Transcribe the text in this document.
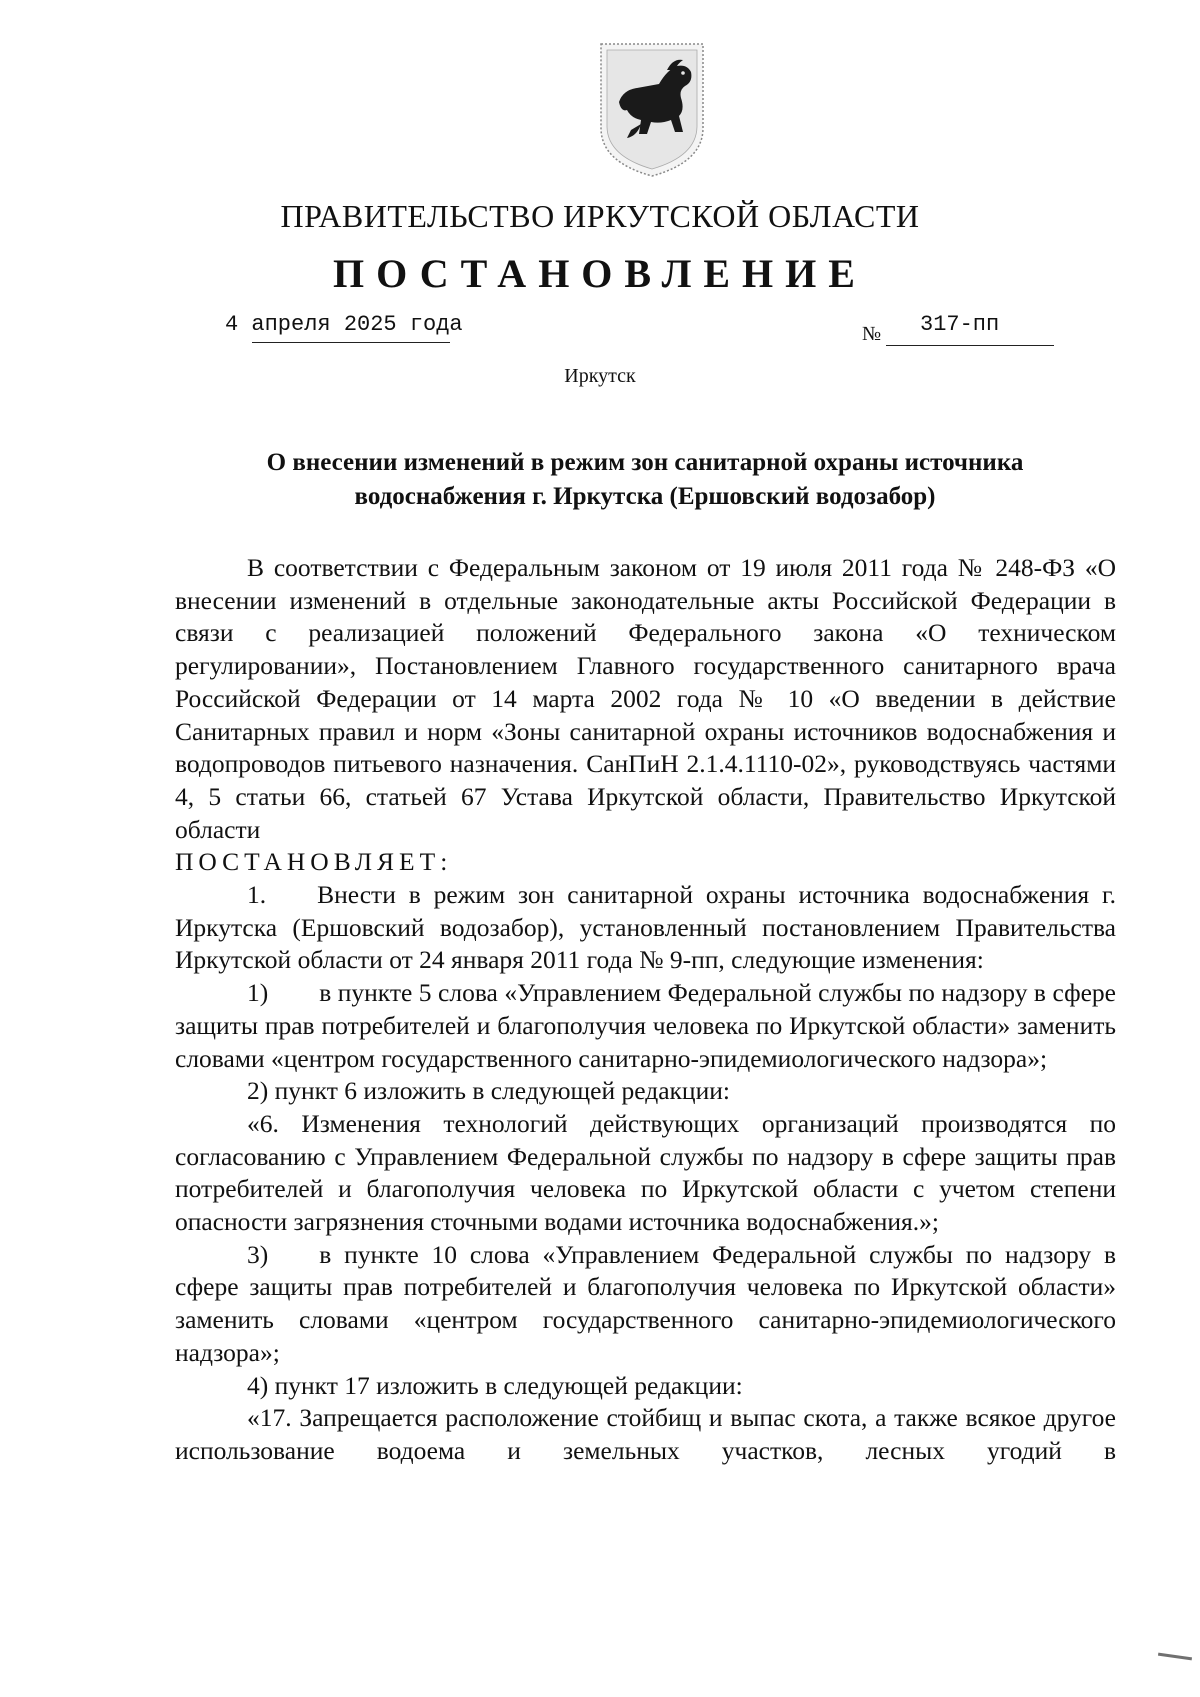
ПРАВИТЕЛЬСТВО ИРКУТСКОЙ ОБЛАСТИ
ПОСТАНОВЛЕНИЕ
4 апреля 2025 года	№ 317-пп
Иркутск
О внесении изменений в режим зон санитарной охраны источника
водоснабжения г. Иркутска (Ершовский водозабор)

В соответствии с Федеральным законом от 19 июля 2011 года № 248-ФЗ «О внесении изменений в отдельные законодательные акты Российской Федерации в связи с реализацией положений Федерального закона «О техническом регулировании», Постановлением Главного государственного санитарного врача Российской Федерации от 14 марта 2002 года № 10 «О введении в действие Санитарных правил и норм «Зоны санитарной охраны источников водоснабжения и водопроводов питьевого назначения. СанПиН 2.1.4.1110-02», руководствуясь частями 4, 5 статьи 66, статьей 67 Устава Иркутской области, Правительство Иркутской области

ПОСТАНОВЛЯЕТ:

1.  Внести в режим зон санитарной охраны источника водоснабжения г. Иркутска (Ершовский водозабор), установленный постановлением Правительства Иркутской области от 24 января 2011 года № 9-пп, следующие изменения:

1)  в пункте 5 слова «Управлением Федеральной службы по надзору в сфере защиты прав потребителей и благополучия человека по Иркутской области» заменить словами «центром государственного санитарно-эпидемиологического надзора»;

2) пункт 6 изложить в следующей редакции:

«6. Изменения технологий действующих организаций производятся по согласованию с Управлением Федеральной службы по надзору в сфере защиты прав потребителей и благополучия человека по Иркутской области с учетом степени опасности загрязнения сточными водами источника водоснабжения.»;

3)  в пункте 10 слова «Управлением Федеральной службы по надзору в сфере защиты прав потребителей и благополучия человека по Иркутской области» заменить словами «центром государственного санитарно-эпидемиологического надзора»;

4) пункт 17 изложить в следующей редакции:

«17. Запрещается расположение стойбищ и выпас скота, а также всякое другое использование водоема и земельных участков, лесных угодий в
